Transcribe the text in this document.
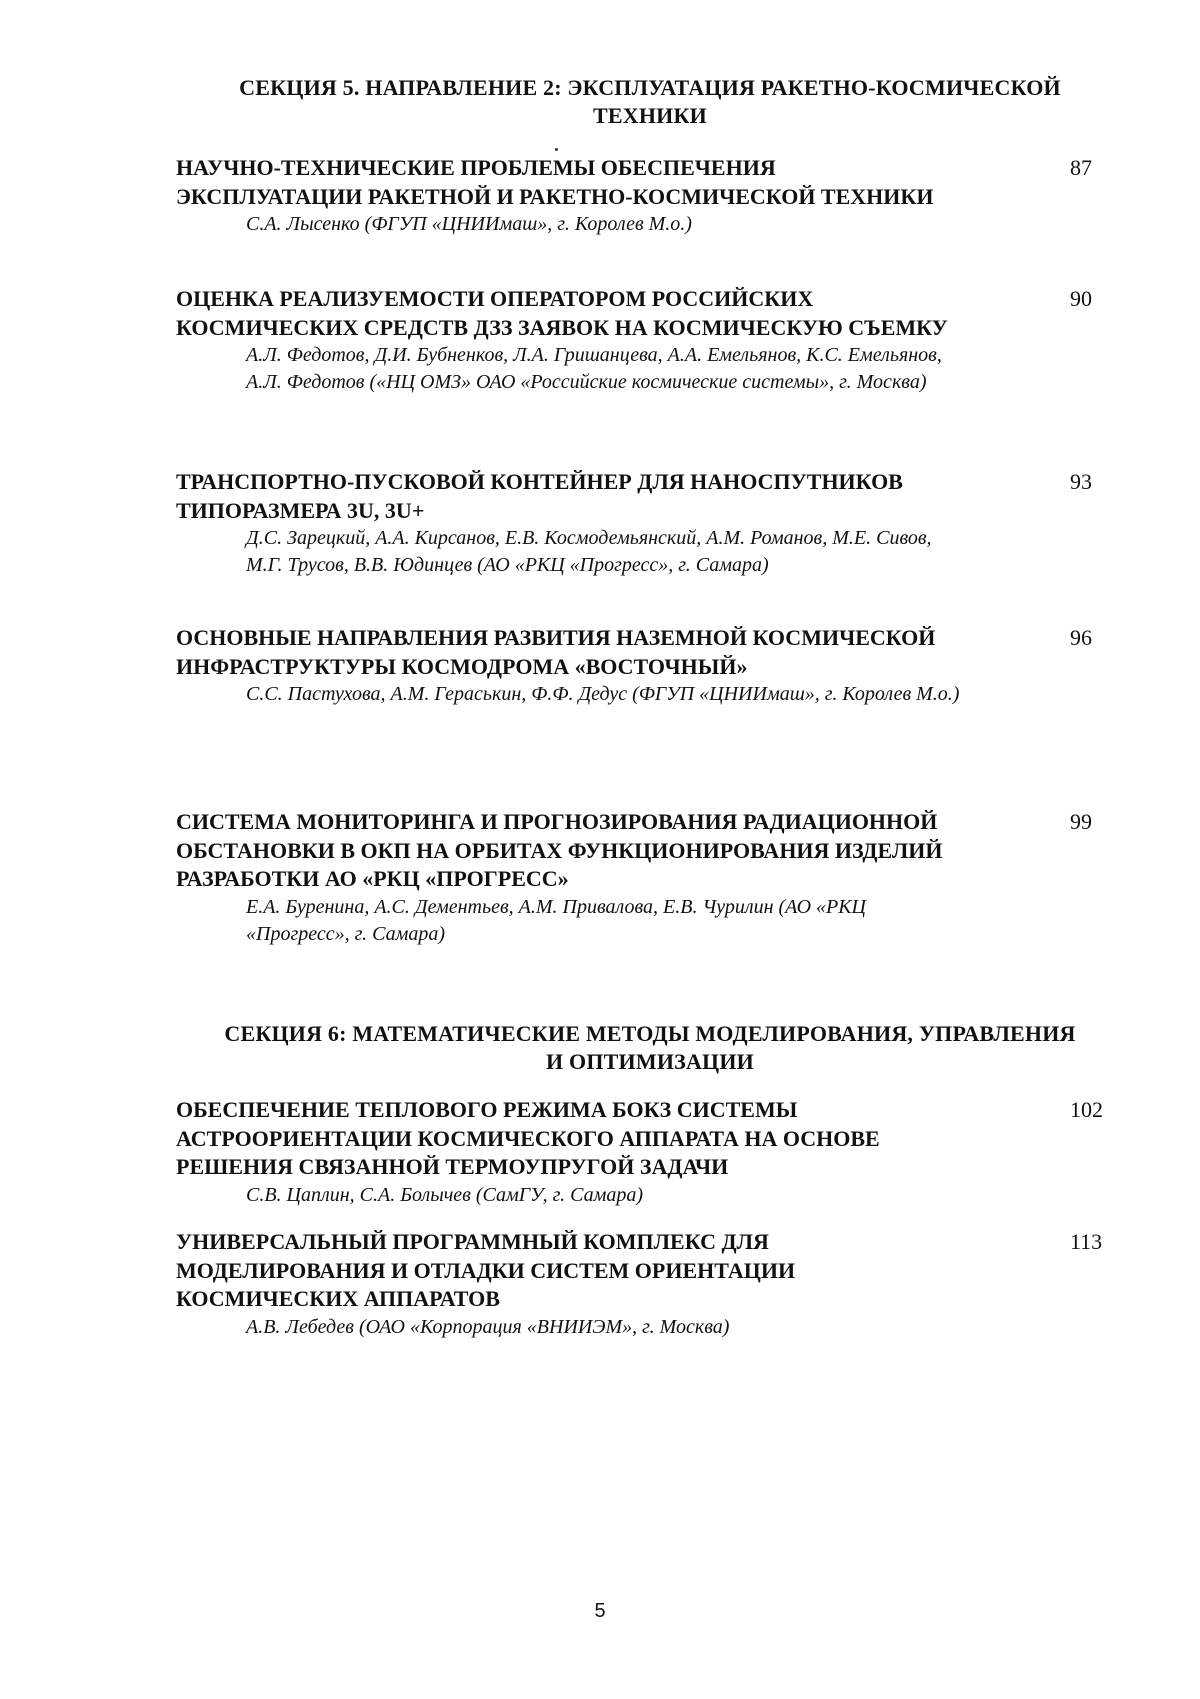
СЕКЦИЯ 5. НАПРАВЛЕНИЕ 2: ЭКСПЛУАТАЦИЯ РАКЕТНО-КОСМИЧЕСКОЙ
ТЕХНИКИ
НАУЧНО-ТЕХНИЧЕСКИЕ ПРОБЛЕМЫ ОБЕСПЕЧЕНИЯ ЭКСПЛУАТАЦИИ РАКЕТНОЙ И РАКЕТНО-КОСМИЧЕСКОЙ ТЕХНИКИ
87
С.А. Лысенко (ФГУП «ЦНИИмаш», г. Королев М.о.)
ОЦЕНКА РЕАЛИЗУЕМОСТИ ОПЕРАТОРОМ РОССИЙСКИХ КОСМИЧЕСКИХ СРЕДСТВ ДЗЗ ЗАЯВОК НА КОСМИЧЕСКУЮ СЪЕМКУ
90
А.Л. Федотов, Д.И. Бубненков, Л.А. Гришанцева, А.А. Емельянов, К.С. Емельянов, А.Л. Федотов («НЦ ОМЗ» ОАО «Российские космические системы», г. Москва)
ТРАНСПОРТНО-ПУСКОВОЙ КОНТЕЙНЕР ДЛЯ НАНОСПУТНИКОВ ТИПОРАЗМЕРА 3U, 3U+
93
Д.С. Зарецкий, А.А. Кирсанов, Е.В. Космодемьянский, А.М. Романов, М.Е. Сивов, М.Г. Трусов, В.В. Юдинцев (АО «РКЦ «Прогресс», г. Самара)
ОСНОВНЫЕ НАПРАВЛЕНИЯ РАЗВИТИЯ НАЗЕМНОЙ КОСМИЧЕСКОЙ ИНФРАСТРУКТУРЫ КОСМОДРОМА «ВОСТОЧНЫЙ»
96
С.С. Пастухова, А.М. Гераськин, Ф.Ф. Дедус (ФГУП «ЦНИИмаш», г. Королев М.о.)
СИСТЕМА МОНИТОРИНГА И ПРОГНОЗИРОВАНИЯ РАДИАЦИОННОЙ ОБСТАНОВКИ В ОКП НА ОРБИТАХ ФУНКЦИОНИРОВАНИЯ ИЗДЕЛИЙ РАЗРАБОТКИ АО «РКЦ «ПРОГРЕСС»
99
Е.А. Буренина, А.С. Дементьев, А.М. Привалова, Е.В. Чурилин (АО «РКЦ «Прогресс», г. Самара)
СЕКЦИЯ 6: МАТЕМАТИЧЕСКИЕ МЕТОДЫ МОДЕЛИРОВАНИЯ, УПРАВЛЕНИЯ
И ОПТИМИЗАЦИИ
ОБЕСПЕЧЕНИЕ ТЕПЛОВОГО РЕЖИМА БОКЗ СИСТЕМЫ АСТРООРИЕНТАЦИИ КОСМИЧЕСКОГО АППАРАТА НА ОСНОВЕ РЕШЕНИЯ СВЯЗАННОЙ ТЕРМОУПРУГОЙ ЗАДАЧИ
102
С.В. Цаплин, С.А. Болычев (СамГУ, г. Самара)
УНИВЕРСАЛЬНЫЙ ПРОГРАММНЫЙ КОМПЛЕКС ДЛЯ МОДЕЛИРОВАНИЯ И ОТЛАДКИ СИСТЕМ ОРИЕНТАЦИИ КОСМИЧЕСКИХ АППАРАТОВ
113
А.В. Лебедев (ОАО «Корпорация «ВНИИЭМ», г. Москва)
5
